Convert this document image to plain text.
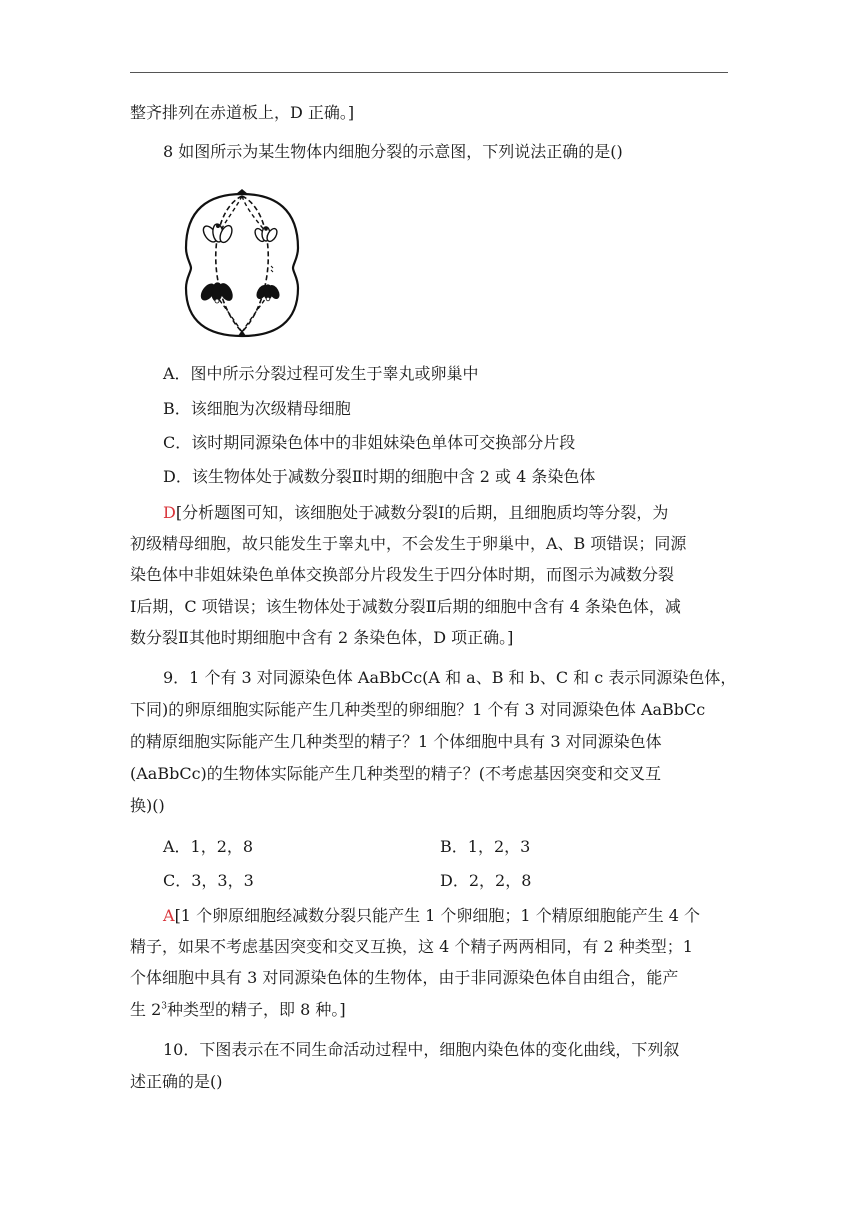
整齐排列在赤道板上，D 正确。]
8 如图所示为某生物体内细胞分裂的示意图，下列说法正确的是()
A．图中所示分裂过程可发生于睾丸或卵巢中
B．该细胞为次级精母细胞
C．该时期同源染色体中的非姐妹染色单体可交换部分片段
D．该生物体处于减数分裂Ⅱ时期的细胞中含 2 或 4 条染色体
D[分析题图可知，该细胞处于减数分裂Ⅰ的后期，且细胞质均等分裂，为
初级精母细胞，故只能发生于睾丸中，不会发生于卵巢中，A、B 项错误；同源
染色体中非姐妹染色单体交换部分片段发生于四分体时期，而图示为减数分裂
Ⅰ后期，C 项错误；该生物体处于减数分裂Ⅱ后期的细胞中含有 4 条染色体，减
数分裂Ⅱ其他时期细胞中含有 2 条染色体，D 项正确。]
9．1 个有 3 对同源染色体 AaBbCc(A 和 a、B 和 b、C 和 c 表示同源染色体，
下同)的卵原细胞实际能产生几种类型的卵细胞？1 个有 3 对同源染色体 AaBbCc
的精原细胞实际能产生几种类型的精子？1 个体细胞中具有 3 对同源染色体
(AaBbCc)的生物体实际能产生几种类型的精子？(不考虑基因突变和交叉互
换)()
A．1，2，8	B．1，2，3
C．3，3，3	D．2，2，8
A[1 个卵原细胞经减数分裂只能产生 1 个卵细胞；1 个精原细胞能产生 4 个
精子，如果不考虑基因突变和交叉互换，这 4 个精子两两相同，有 2 种类型；1
个体细胞中具有 3 对同源染色体的生物体，由于非同源染色体自由组合，能产
生 $2^3$种类型的精子，即 8 种。]
10．下图表示在不同生命活动过程中，细胞内染色体的变化曲线，下列叙
述正确的是()
